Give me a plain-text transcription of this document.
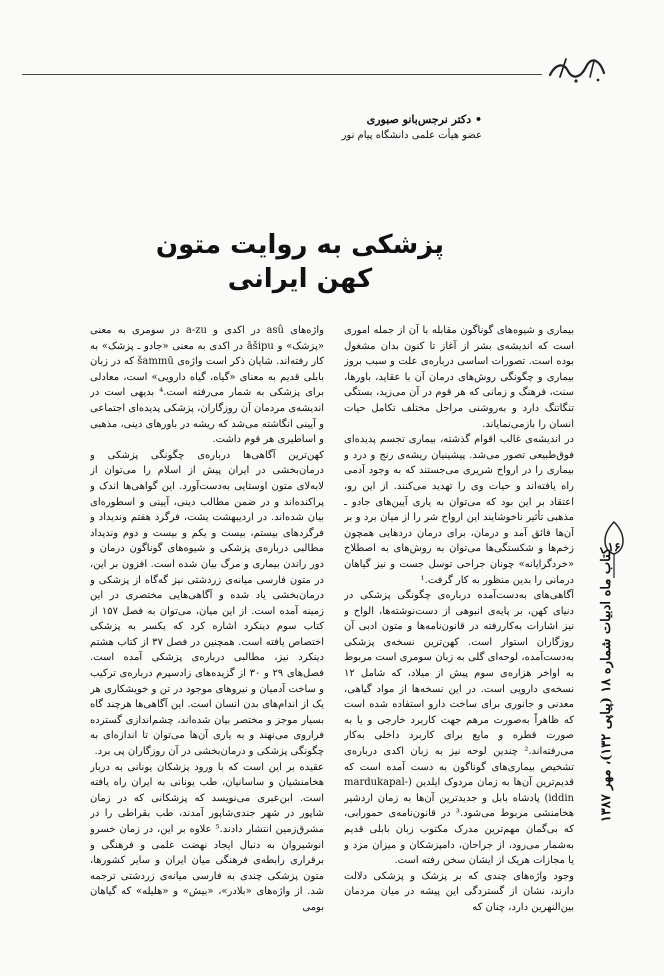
• دکتر نرجس‌بانو صبوری
عضو هیأت علمی دانشگاه پیام نور
پزشکی به روایت متون کهن ایرانی

بیماری و شیوه‌های گوناگون مقابله با آن از جمله اموری است که اندیشه‌ی بشر از آغاز تا کنون بدان مشغول بوده است. تصورات اساسی درباره‌ی علت و سبب بروز بیماری و چگونگی روش‌های درمان آن با عقاید، باورها، سنت، فرهنگ و زمانی که هر قوم در آن می‌زید، بستگی تنگاتنگ دارد و به‌روشنی مراحل مختلف تکامل حیات انسان را بازمی‌نمایاند.

در اندیشه‌ی غالب اقوام گذشته، بیماری تجسم پدیده‌ای فوق‌طبیعی تصور می‌شد. پیشینیان ریشه‌ی رنج و درد و بیماری را در ارواح شریری می‌جستند که به وجود آدمی راه یافته‌اند و حیات وی را تهدید می‌کنند. از این رو، اعتقاد بر این بود که می‌توان به یاری آیین‌های جادو ـ مذهبی تأثیر ناخوشایند این ارواح شر را از میان برد و بر آن‌ها فائق آمد و درمان، برای درمان دردهایی همچون زخم‌ها و شکستگی‌ها می‌توان به روش‌های به اصطلاح «خردگرایانه» چونان جراحی توسل جست و نیز گیاهان درمانی را بدین منظور به کار گرفت.¹

آگاهی‌های به‌دست‌آمده درباره‌ی چگونگی پزشکی در دنیای کهن، بر پایه‌ی انبوهی از دست‌نوشته‌ها، الواح و نیز اشارات به‌کاررفته در قانون‌نامه‌ها و متون ادبی آن روزگاران استوار است. کهن‌ترین نسخه‌ی پزشکی به‌دست‌آمده، لوحه‌ای گلی به زبان سومری است مربوط به اواخر هزاره‌ی سوم پیش از میلاد، که شامل ۱۲ نسخه‌ی دارویی است. در این نسخه‌ها از مواد گیاهی، معدنی و جانوری برای ساخت دارو استفاده شده است که ظاهراً به‌صورت مرهم جهت کاربرد خارجی و یا به صورت قطره و مایع برای کاربرد داخلی به‌کار می‌رفته‌اند.² چندین لوحه نیز به زبان اکدی درباره‌ی تشخیص بیماری‌های گوناگون به دست آمده است که قدیم‌ترین آن‌ها به زمان مردوک ایلدین (mardukapal-iddin) پادشاه بابل و جدیدترین آن‌ها به زمان اردشیر هخامنشی مربوط می‌شود.³ در قانون‌نامه‌ی حمورابی، که بی‌گمان مهم‌ترین مدرک مکتوب زبان بابلی قدیم به‌شمار می‌رود، از جراحان، دامپزشکان و میزان مزد و یا مجازات هریک از ایشان سخن رفته است.

وجود واژه‌های چندی که بر پزشک و پزشکی دلالت دارند، نشان از گستردگی این پیشه در میان مردمان بین‌النهرین دارد، چنان که

واژه‌های asû در اکدی و a-zu در سومری به معنی «پزشک» و āšipu در اکدی به معنی «جادو ـ پزشک» به کار رفته‌اند. شایان ذکر است واژه‌ی šammū که در زبان بابلی قدیم به معنای «گیاه، گیاه دارویی» است، معادلی برای پزشکی به شمار می‌رفته است.⁴ بدیهی است در اندیشه‌ی مردمان آن روزگاران، پزشکی پدیده‌ای اجتماعی و آیینی انگاشته می‌شد که ریشه در باورهای دینی، مذهبی و اساطیری هر قوم داشت.

کهن‌ترین آگاهی‌ها درباره‌ی چگونگی پزشکی و درمان‌بخشی در ایران پیش از اسلام را می‌توان از لابه‌لای متون اوستایی به‌دست‌آورد. این گواهی‌ها اندک و پراکنده‌اند و در ضمن مطالب دینی، آیینی و اسطوره‌ای بیان شده‌اند. در اردیبهشت یشت، فرگرد هفتم وندیداد و فرگردهای بیستم، بیست و یکم و بیست و دوم وندیداد مطالبی درباره‌ی پزشکی و شیوه‌های گوناگون درمان و دور راندن بیماری و مرگ بیان شده است. افزون بر این، در متون فارسی میانه‌ی زردشتی نیز گه‌گاه از پزشکی و درمان‌بخشی یاد شده و آگاهی‌هایی مختصری در این زمینه آمده است. از این میان، می‌توان به فصل ۱۵۷ از کتاب سوم دینکرد اشاره کرد که یکسر به پزشکی اختصاص یافته است. همچنین در فصل ۳۷ از کتاب هشتم دینکرد نیز، مطالبی درباره‌ی پزشکی آمده است. فصل‌های ۲۹ و ۳۰ از گزیده‌های زادسپرم درباره‌ی ترکیب و ساخت آدمیان و نیروهای موجود در تن و خویشکاری هر یک از اندام‌های بدن انسان است. این آگاهی‌ها هرچند گاه بسیار موجز و مختصر بیان شده‌اند، چشم‌اندازی گسترده فراروی می‌نهند و به یاری آن‌ها می‌توان تا اندازه‌ای به چگونگی پزشکی و درمان‌بخشی در آن روزگاران پی برد.

عقیده بر این است که با ورود پزشکان یونانی به دربار هخامنشیان و ساسانیان، طب یونانی به ایران راه یافته است. ابن‌عبری می‌نویسد که پزشکانی که در زمان شاپور در شهر جندی‌شاپور آمدند، طب بقراطی را در مشرق‌زمین انتشار دادند.⁵ علاوه بر این، در زمان خسرو انوشیروان به دنبال ایجاد نهضت علمی و فرهنگی و برقراری رابطه‌ی فرهنگی میان ایران و سایر کشورها، متون پزشکی چندی به فارسی میانه‌ی زردشتی ترجمه شد. از واژه‌های «بلادر»، «بیش» و «هلیله» که گیاهان بومی

۱۶
کتاب ماه ادبیات شماره ۱۸ (پیاپی ۱۳۲)، مهر ۱۳۸۷
